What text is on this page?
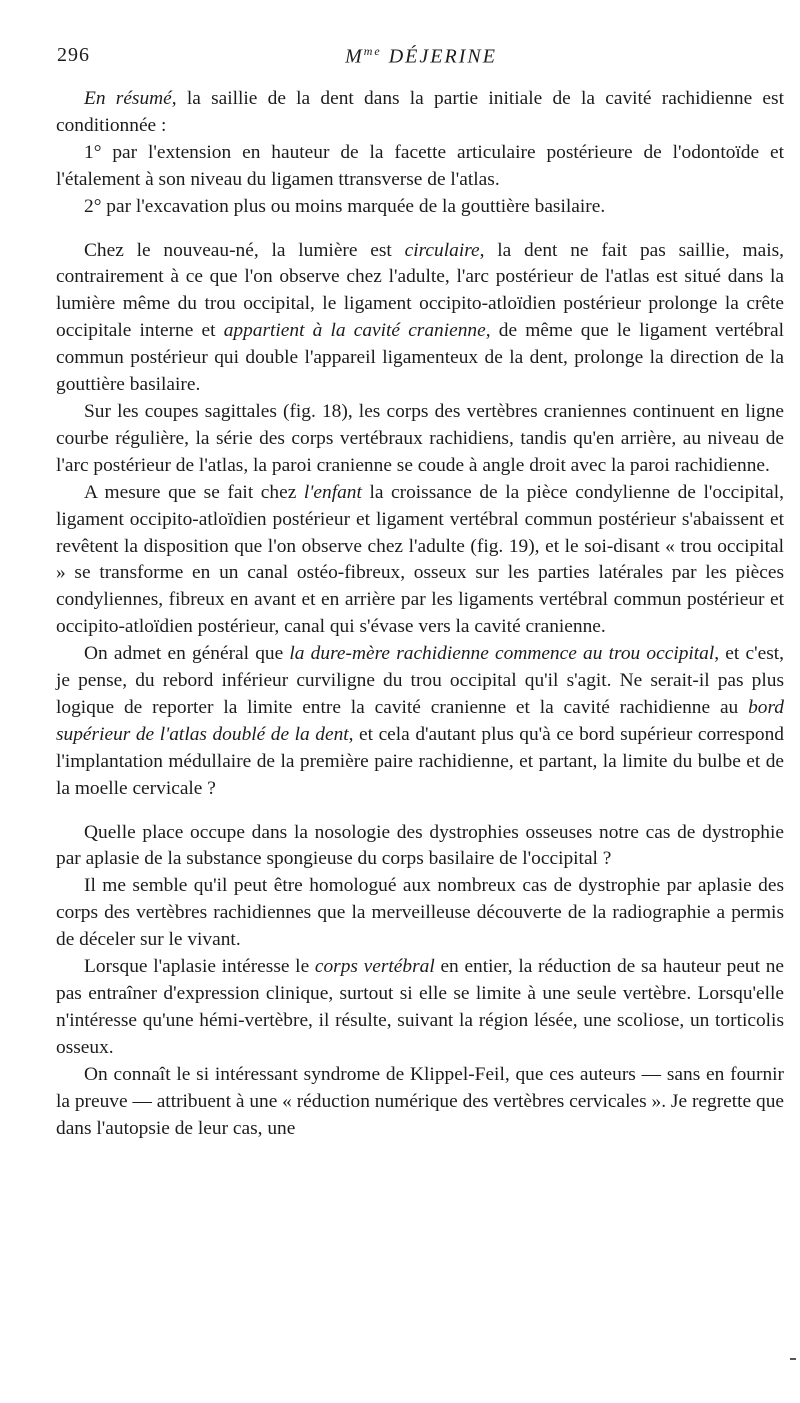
296	$M^{me}$ DÉJERINE

En résumé, la saillie de la dent dans la partie initiale de la cavité rachidienne est conditionnée :

1° par l'extension en hauteur de la facette articulaire postérieure de l'odontoïde et l'étalement à son niveau du ligamen ttransverse de l'atlas.

2° par l'excavation plus ou moins marquée de la gouttière basilaire.

Chez le nouveau-né, la lumière est circulaire, la dent ne fait pas saillie, mais, contrairement à ce que l'on observe chez l'adulte, l'arc postérieur de l'atlas est situé dans la lumière même du trou occipital, le ligament occipito-atloïdien postérieur prolonge la crête occipitale interne et appartient à la cavité cranienne, de même que le ligament vertébral commun postérieur qui double l'appareil ligamenteux de la dent, prolonge la direction de la gouttière basilaire.

Sur les coupes sagittales (fig. 18), les corps des vertèbres craniennes continuent en ligne courbe régulière, la série des corps vertébraux rachidiens, tandis qu'en arrière, au niveau de l'arc postérieur de l'atlas, la paroi cranienne se coude à angle droit avec la paroi rachidienne.

A mesure que se fait chez l'enfant la croissance de la pièce condylienne de l'occipital, ligament occipito-atloïdien postérieur et ligament vertébral commun postérieur s'abaissent et revêtent la disposition que l'on observe chez l'adulte (fig. 19), et le soi-disant « trou occipital » se transforme en un canal ostéo-fibreux, osseux sur les parties latérales par les pièces condyliennes, fibreux en avant et en arrière par les ligaments vertébral commun postérieur et occipito-atloïdien postérieur, canal qui s'évase vers la cavité cranienne.

On admet en général que la dure-mère rachidienne commence au trou occipital, et c'est, je pense, du rebord inférieur curviligne du trou occipital qu'il s'agit. Ne serait-il pas plus logique de reporter la limite entre la cavité cranienne et la cavité rachidienne au bord supérieur de l'atlas doublé de la dent, et cela d'autant plus qu'à ce bord supérieur correspond l'implantation médullaire de la première paire rachidienne, et partant, la limite du bulbe et de la moelle cervicale ?

Quelle place occupe dans la nosologie des dystrophies osseuses notre cas de dystrophie par aplasie de la substance spongieuse du corps basilaire de l'occipital ?

Il me semble qu'il peut être homologué aux nombreux cas de dystrophie par aplasie des corps des vertèbres rachidiennes que la merveilleuse découverte de la radiographie a permis de déceler sur le vivant.

Lorsque l'aplasie intéresse le corps vertébral en entier, la réduction de sa hauteur peut ne pas entraîner d'expression clinique, surtout si elle se limite à une seule vertèbre. Lorsqu'elle n'intéresse qu'une hémi-vertèbre, il résulte, suivant la région lésée, une scoliose, un torticolis osseux.

On connaît le si intéressant syndrome de Klippel-Feil, que ces auteurs — sans en fournir la preuve — attribuent à une « réduction numérique des vertèbres cervicales ». Je regrette que dans l'autopsie de leur cas, une
